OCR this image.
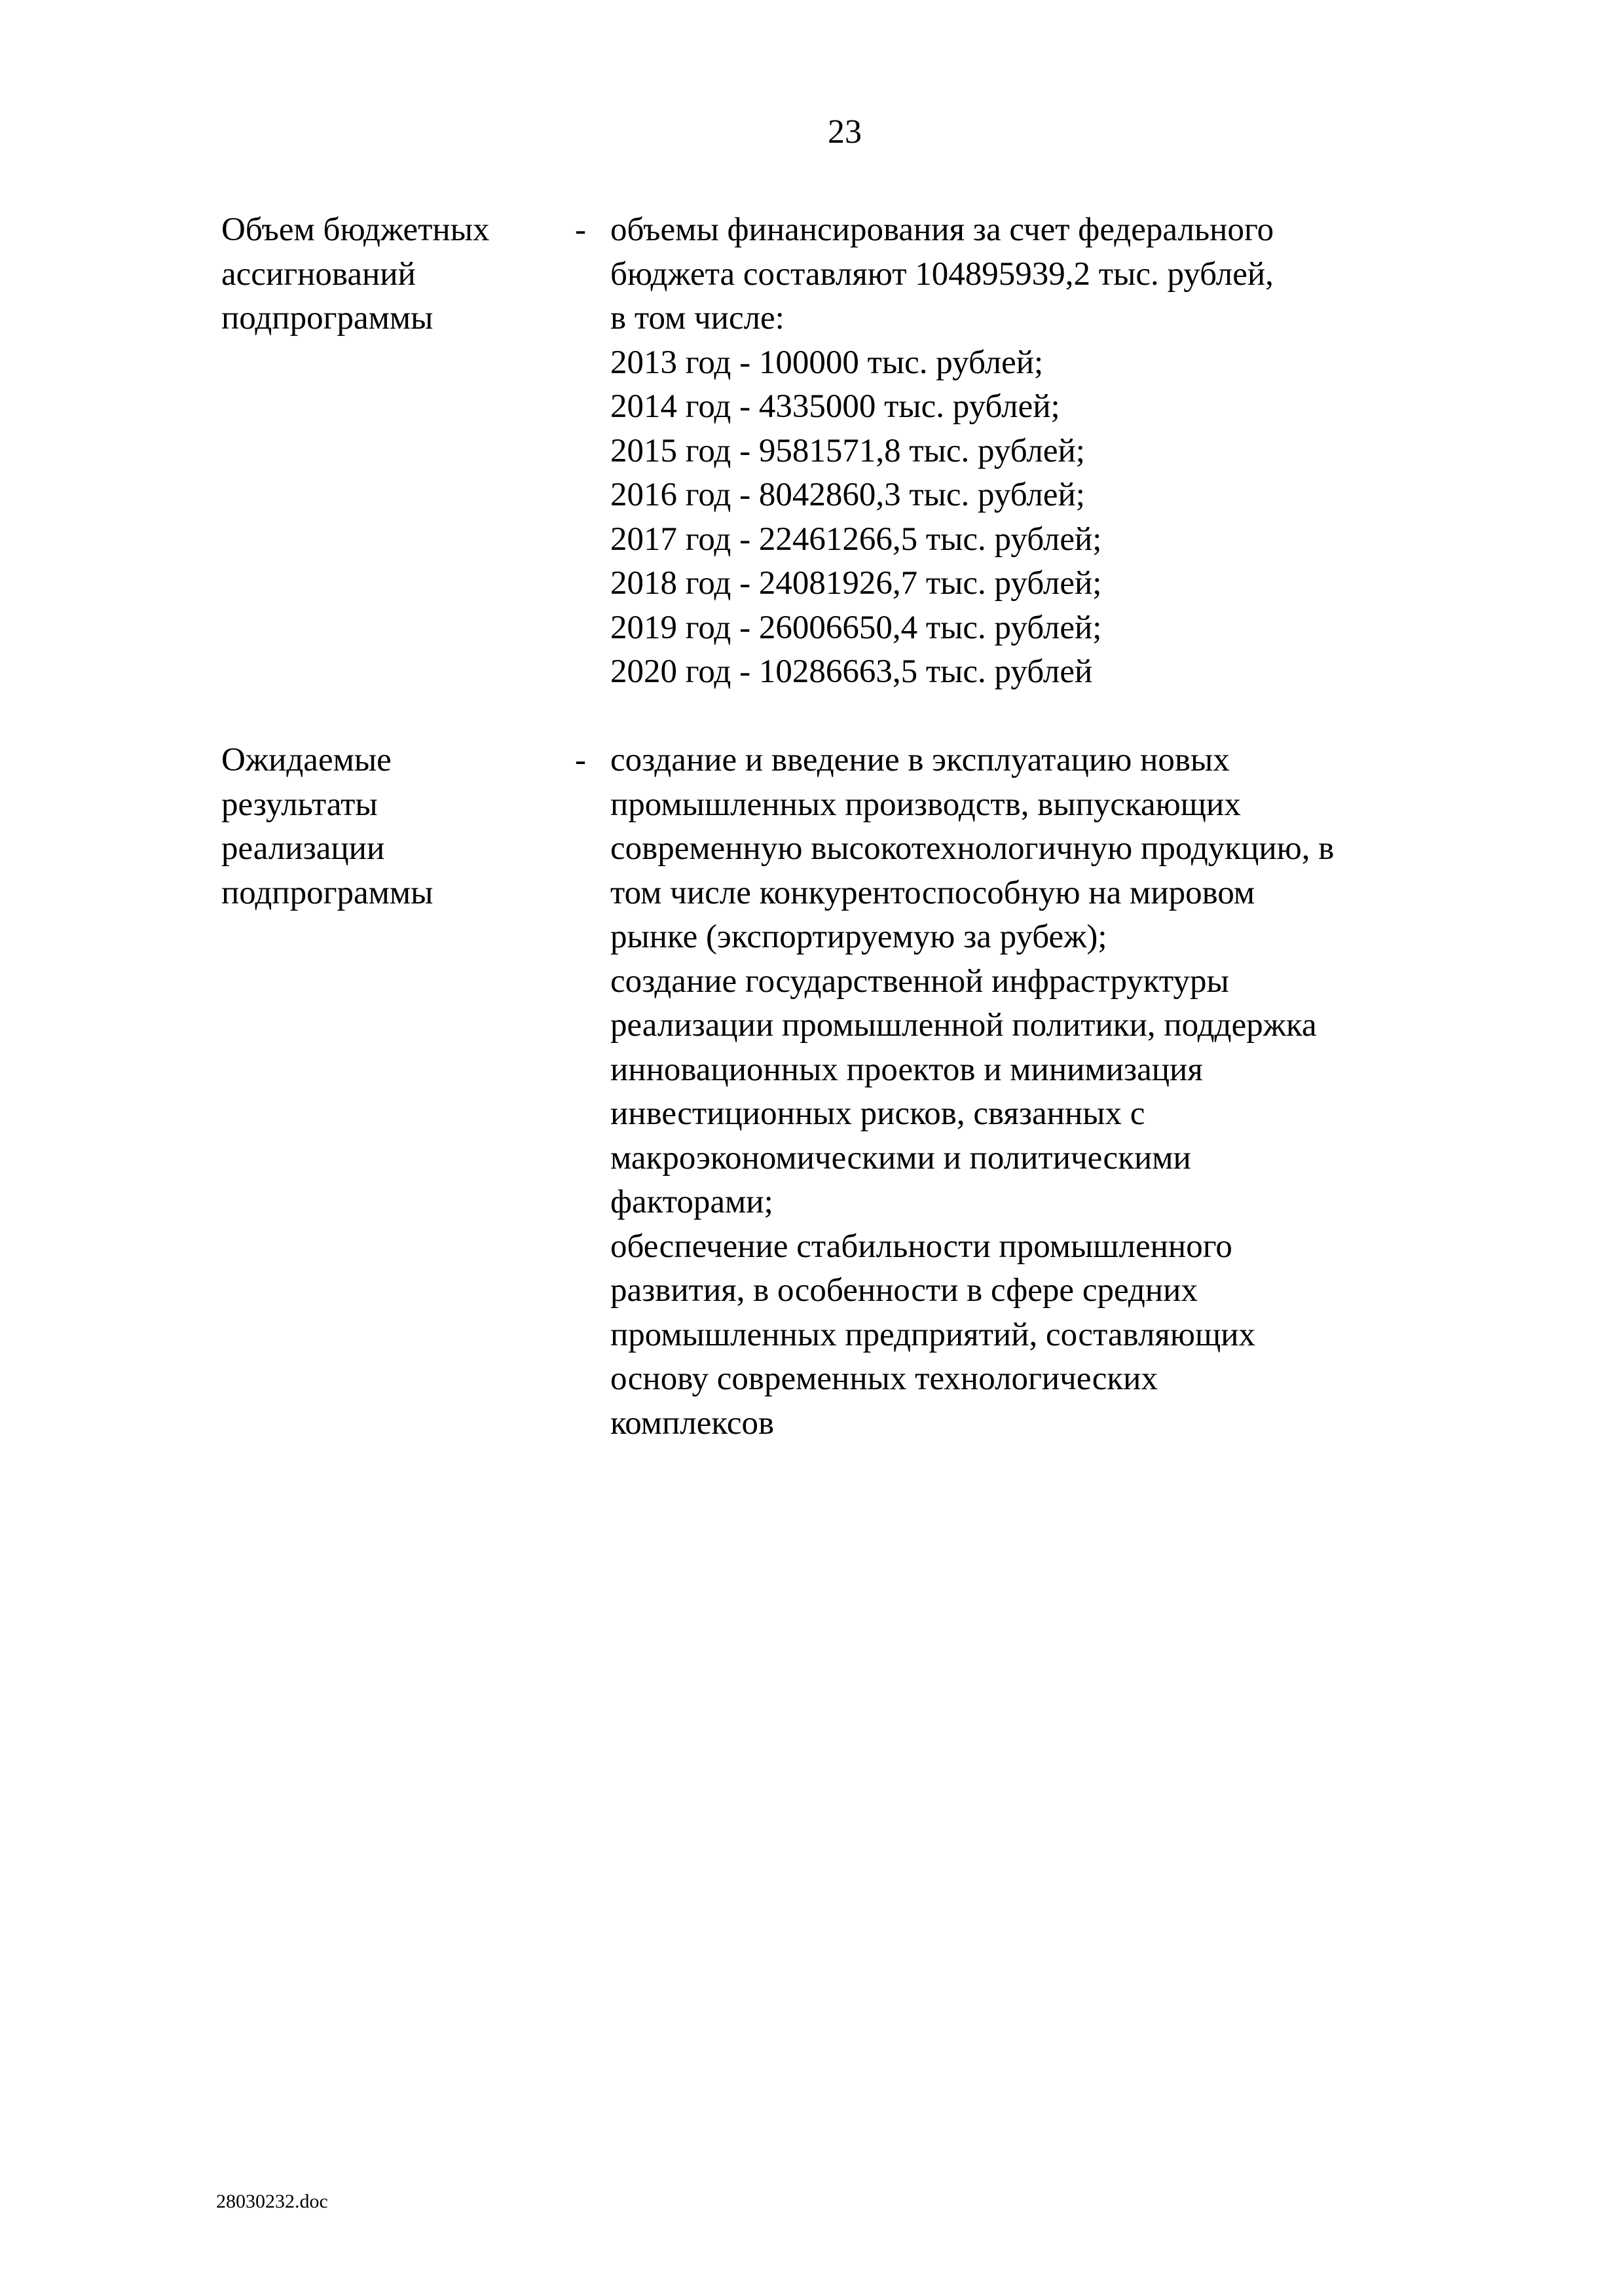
23
Объем бюджетных
ассигнований
подпрограммы
- объемы финансирования за счет федерального
бюджета составляют 104895939,2 тыс. рублей,
в том числе:
2013 год - 100000 тыс. рублей;
2014 год - 4335000 тыс. рублей;
2015 год - 9581571,8 тыс. рублей;
2016 год - 8042860,3 тыс. рублей;
2017 год - 22461266,5 тыс. рублей;
2018 год - 24081926,7 тыс. рублей;
2019 год - 26006650,4 тыс. рублей;
2020 год - 10286663,5 тыс. рублей
Ожидаемые
результаты
реализации
подпрограммы
- создание и введение в эксплуатацию новых
промышленных производств, выпускающих
современную высокотехнологичную продукцию, в
том числе конкурентоспособную на мировом
рынке (экспортируемую за рубеж);
создание государственной инфраструктуры
реализации промышленной политики, поддержка
инновационных проектов и минимизация
инвестиционных рисков, связанных с
макроэкономическими и политическими
факторами;
обеспечение стабильности промышленного
развития, в особенности в сфере средних
промышленных предприятий, составляющих
основу современных технологических
комплексов
28030232.doc
